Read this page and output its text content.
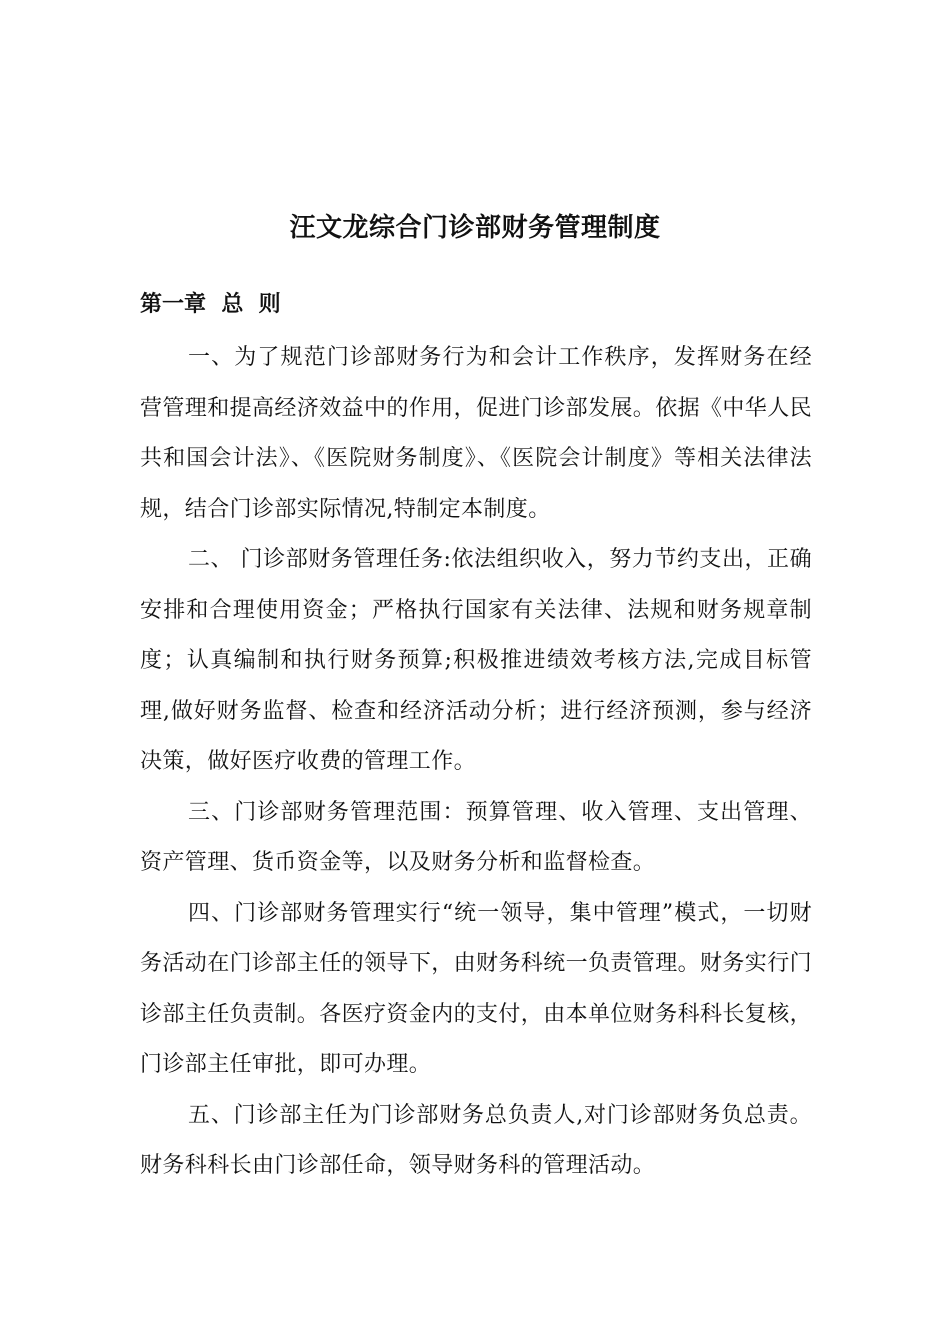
汪文龙综合门诊部财务管理制度
第一章  总  则

一、为了规范门诊部财务行为和会计工作秩序，发挥财务在经营管理和提高经济效益中的作用，促进门诊部发展。依据《中华人民共和国会计法》、《医院财务制度》、《医院会计制度》等相关法律法规，结合门诊部实际情况,特制定本制度。

二、 门诊部财务管理任务:依法组织收入，努力节约支出，正确安排和合理使用资金；严格执行国家有关法律、法规和财务规章制度；认真编制和执行财务预算;积极推进绩效考核方法,完成目标管理,做好财务监督、检查和经济活动分析；进行经济预测，参与经济决策，做好医疗收费的管理工作。

三、门诊部财务管理范围：预算管理、收入管理、支出管理、资产管理、货币资金等，以及财务分析和监督检查。

四、门诊部财务管理实行“统一领导，集中管理”模式，一切财务活动在门诊部主任的领导下，由财务科统一负责管理。财务实行门诊部主任负责制。各医疗资金内的支付，由本单位财务科科长复核，门诊部主任审批，即可办理。

五、门诊部主任为门诊部财务总负责人,对门诊部财务负总责。财务科科长由门诊部任命，领导财务科的管理活动。
